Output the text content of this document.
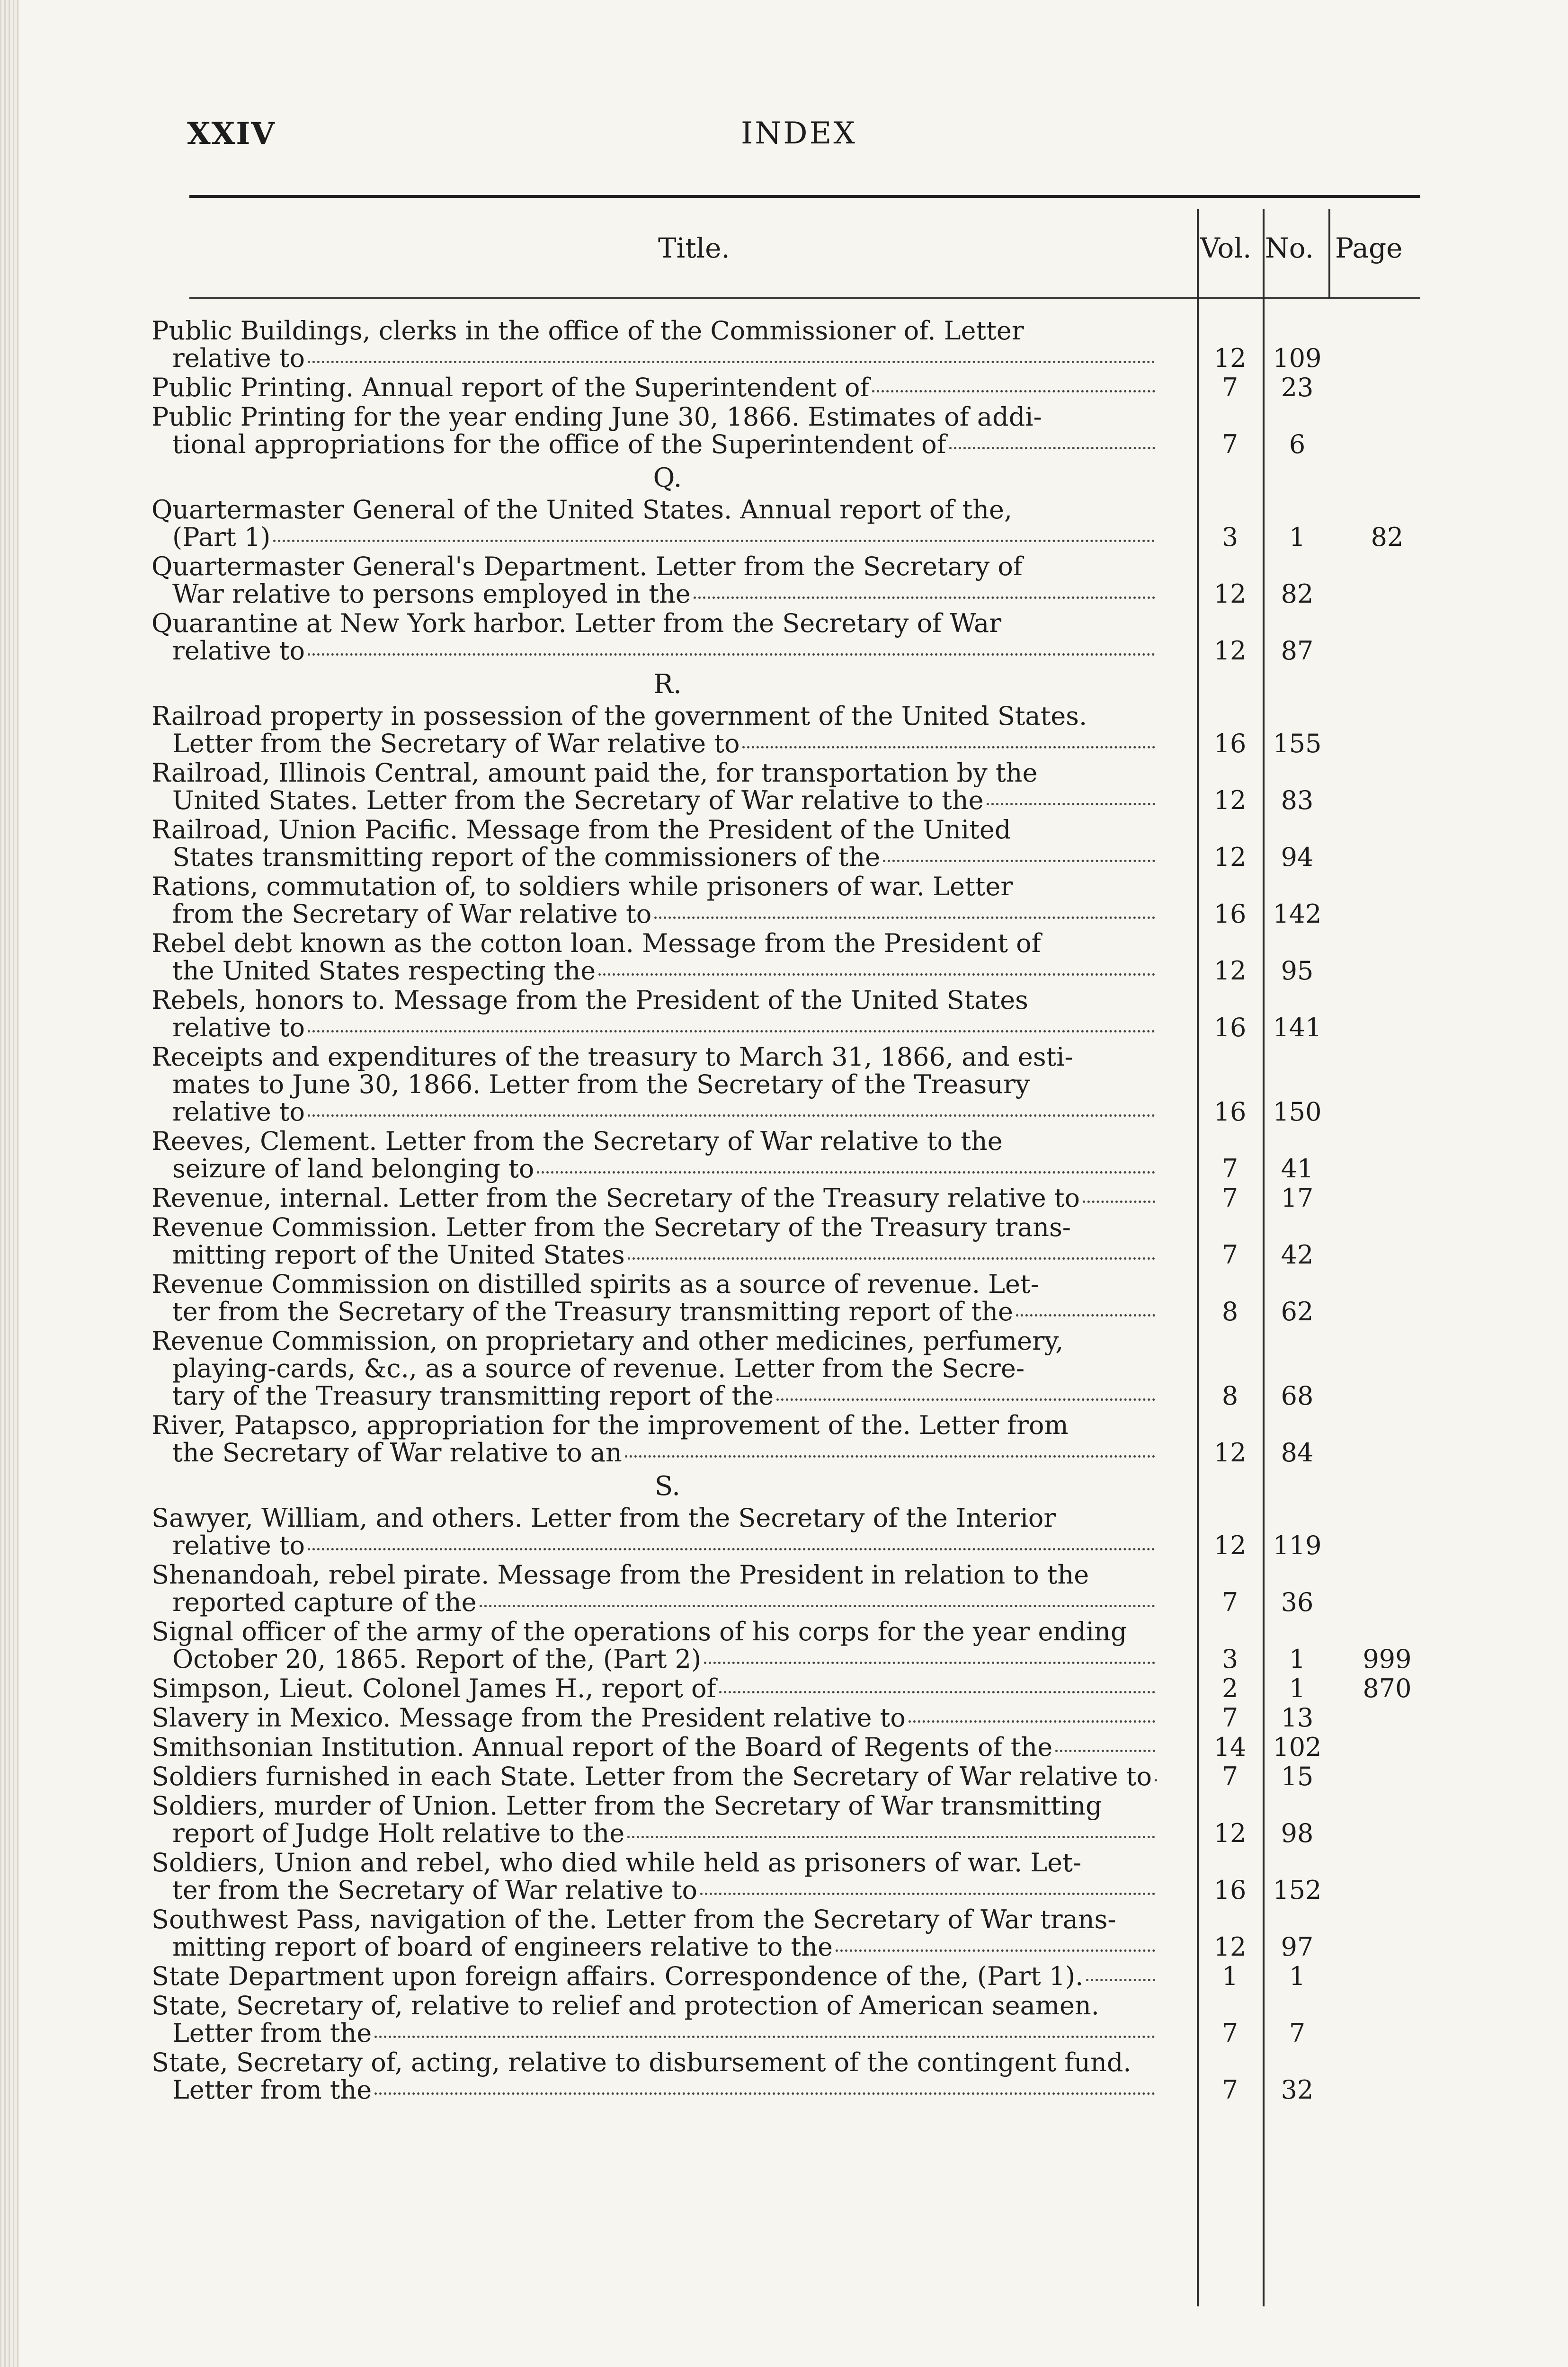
XXIV	INDEX
Title.	Vol. No. Page
Public Buildings, clerks in the office of the Commissioner of. Letter
relative to	12	109
Public Printing. Annual report of the Superintendent of	7	23
Public Printing for the year ending June 30, 1866. Estimates of addi-
tional appropriations for the office of the Superintendent of	7	6
Q.
Quartermaster General of the United States. Annual report of the,
(Part 1)	3	1	82
Quartermaster General's Department. Letter from the Secretary of
War relative to persons employed in the	12	82
Quarantine at New York harbor. Letter from the Secretary of War
relative to	12	87
R.
Railroad property in possession of the government of the United States.
Letter from the Secretary of War relative to	16	155
Railroad, Illinois Central, amount paid the, for transportation by the
United States. Letter from the Secretary of War relative to the	12	83
Railroad, Union Pacific. Message from the President of the United
States transmitting report of the commissioners of the	12	94
Rations, commutation of, to soldiers while prisoners of war. Letter
from the Secretary of War relative to	16	142
Rebel debt known as the cotton loan. Message from the President of
the United States respecting the	12	95
Rebels, honors to. Message from the President of the United States
relative to	16	141
Receipts and expenditures of the treasury to March 31, 1866, and esti-
mates to June 30, 1866. Letter from the Secretary of the Treasury
relative to	16	150
Reeves, Clement. Letter from the Secretary of War relative to the
seizure of land belonging to	7	41
Revenue, internal. Letter from the Secretary of the Treasury relative to	7	17
Revenue Commission. Letter from the Secretary of the Treasury trans-
mitting report of the United States	7	42
Revenue Commission on distilled spirits as a source of revenue. Let-
ter from the Secretary of the Treasury transmitting report of the	8	62
Revenue Commission, on proprietary and other medicines, perfumery,
playing-cards, &c., as a source of revenue. Letter from the Secre-
tary of the Treasury transmitting report of the	8	68
River, Patapsco, appropriation for the improvement of the. Letter from
the Secretary of War relative to an	12	84
S.
Sawyer, William, and others. Letter from the Secretary of the Interior
relative to	12	119
Shenandoah, rebel pirate. Message from the President in relation to the
reported capture of the	7	36
Signal officer of the army of the operations of his corps for the year ending
October 20, 1865. Report of the, (Part 2)	3	1	999
Simpson, Lieut. Colonel James H., report of	2	1	870
Slavery in Mexico. Message from the President relative to	7	13
Smithsonian Institution. Annual report of the Board of Regents of the	14	102
Soldiers furnished in each State. Letter from the Secretary of War relative to	7	15
Soldiers, murder of Union. Letter from the Secretary of War transmitting
report of Judge Holt relative to the	12	98
Soldiers, Union and rebel, who died while held as prisoners of war. Let-
ter from the Secretary of War relative to	16	152
Southwest Pass, navigation of the. Letter from the Secretary of War trans-
mitting report of board of engineers relative to the	12	97
State Department upon foreign affairs. Correspondence of the, (Part 1).	1	1
State, Secretary of, relative to relief and protection of American seamen.
Letter from the	7	7
State, Secretary of, acting, relative to disbursement of the contingent fund.
Letter from the	7	32
